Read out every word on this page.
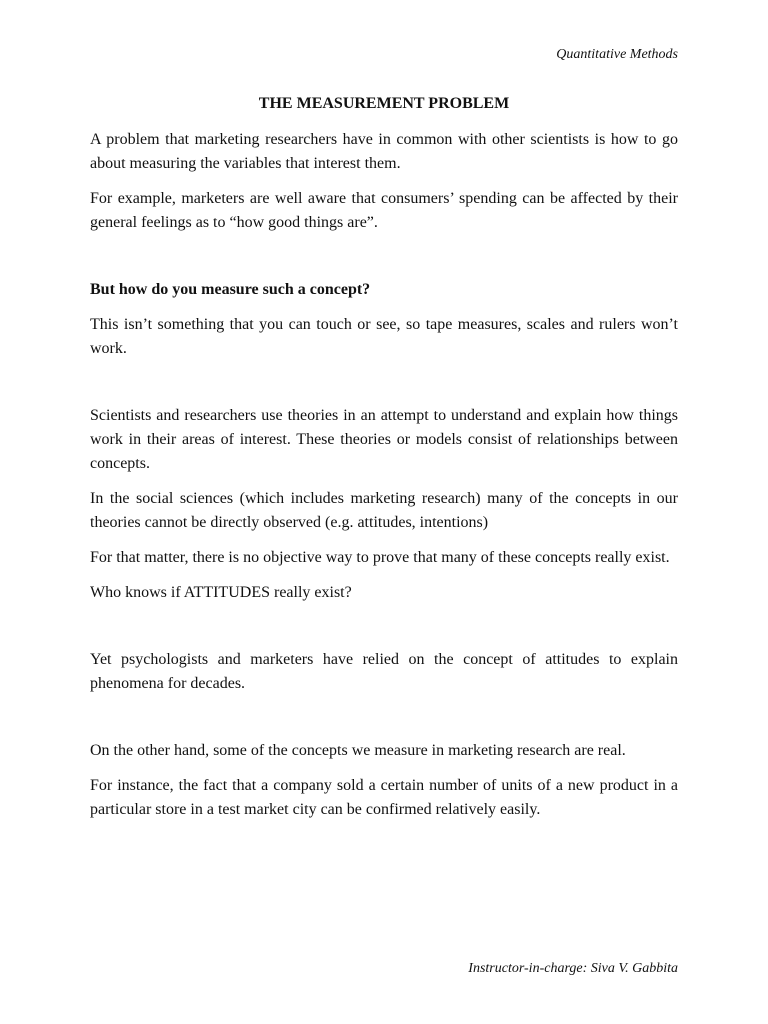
Quantitative Methods
THE MEASUREMENT PROBLEM

A problem that marketing researchers have in common with other scientists is how to go about measuring the variables that interest them.

For example, marketers are well aware that consumers’ spending can be affected by their general feelings as to “how good things are”.

But how do you measure such a concept?

This isn’t something that you can touch or see, so tape measures, scales and rulers won’t work.

Scientists and researchers use theories in an attempt to understand and explain how things work in their areas of interest. These theories or models consist of relationships between concepts.

In the social sciences (which includes marketing research) many of the concepts in our theories cannot be directly observed (e.g. attitudes, intentions)

For that matter, there is no objective way to prove that many of these concepts really exist.

Who knows if ATTITUDES really exist?

Yet psychologists and marketers have relied on the concept of attitudes to explain phenomena for decades.

On the other hand, some of the concepts we measure in marketing research are real.

For instance, the fact that a company sold a certain number of units of a new product in a particular store in a test market city can be confirmed relatively easily.

Instructor-in-charge: Siva V. Gabbita
